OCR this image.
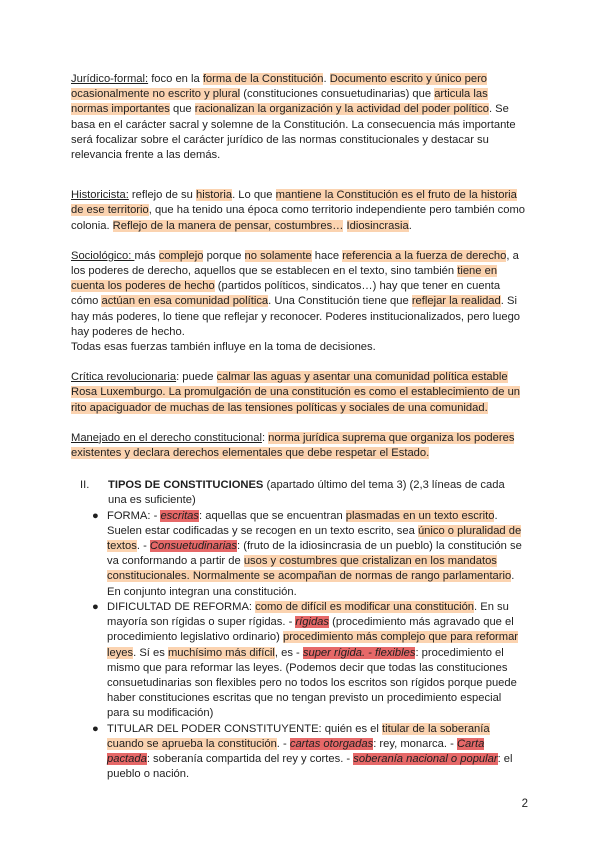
Jurídico-formal: foco en la forma de la Constitución. Documento escrito y único pero ocasionalmente no escrito y plural (constituciones consuetudinarias) que articula las normas importantes que racionalizan la organización y la actividad del poder político. Se basa en el carácter sacral y solemne de la Constitución. La consecuencia más importante será focalizar sobre el carácter jurídico de las normas constitucionales y destacar su relevancia frente a las demás.

Historicista: reflejo de su historia. Lo que mantiene la Constitución es el fruto de la historia de ese territorio, que ha tenido una época como territorio independiente pero también como colonia. Reflejo de la manera de pensar, costumbres… Idiosincrasia.

Sociológico: más complejo porque no solamente hace referencia a la fuerza de derecho, a los poderes de derecho, aquellos que se establecen en el texto, sino también tiene en cuenta los poderes de hecho (partidos políticos, sindicatos…) hay que tener en cuenta cómo actúan en esa comunidad política. Una Constitución tiene que reflejar la realidad. Si hay más poderes, lo tiene que reflejar y reconocer. Poderes institucionalizados, pero luego hay poderes de hecho.

Todas esas fuerzas también influye en la toma de decisiones.

Crítica revolucionaria: puede calmar las aguas y asentar una comunidad política estable Rosa Luxemburgo. La promulgación de una constitución es como el establecimiento de un rito apaciguador de muchas de las tensiones políticas y sociales de una comunidad.

Manejado en el derecho constitucional: norma jurídica suprema que organiza los poderes existentes y declara derechos elementales que debe respetar el Estado.

II.	TIPOS DE CONSTITUCIONES (apartado último del tema 3) (2,3 líneas de cada una es suficiente)
● FORMA: - escritas: aquellas que se encuentran plasmadas en un texto escrito. Suelen estar codificadas y se recogen en un texto escrito, sea único o pluralidad de textos. - Consuetudinarias: (fruto de la idiosincrasia de un pueblo) la constitución se va conformando a partir de usos y costumbres que cristalizan en los mandatos constitucionales. Normalmente se acompañan de normas de rango parlamentario. En conjunto integran una constitución.
● DIFICULTAD DE REFORMA: como de difícil es modificar una constitución. En su mayoría son rígidas o super rígidas. - rígidas (procedimiento más agravado que el procedimiento legislativo ordinario) procedimiento más complejo que para reformar leyes. Sí es muchísimo más difícil, es - super rígida. - flexibles: procedimiento el mismo que para reformar las leyes. (Podemos decir que todas las constituciones consuetudinarias son flexibles pero no todos los escritos son rígidos porque puede haber constituciones escritas que no tengan previsto un procedimiento especial para su modificación)
● TITULAR DEL PODER CONSTITUYENTE: quién es el titular de la soberanía cuando se aprueba la constitución. - cartas otorgadas: rey, monarca. - Carta pactada: soberanía compartida del rey y cortes. - soberanía nacional o popular: el pueblo o nación.
2
